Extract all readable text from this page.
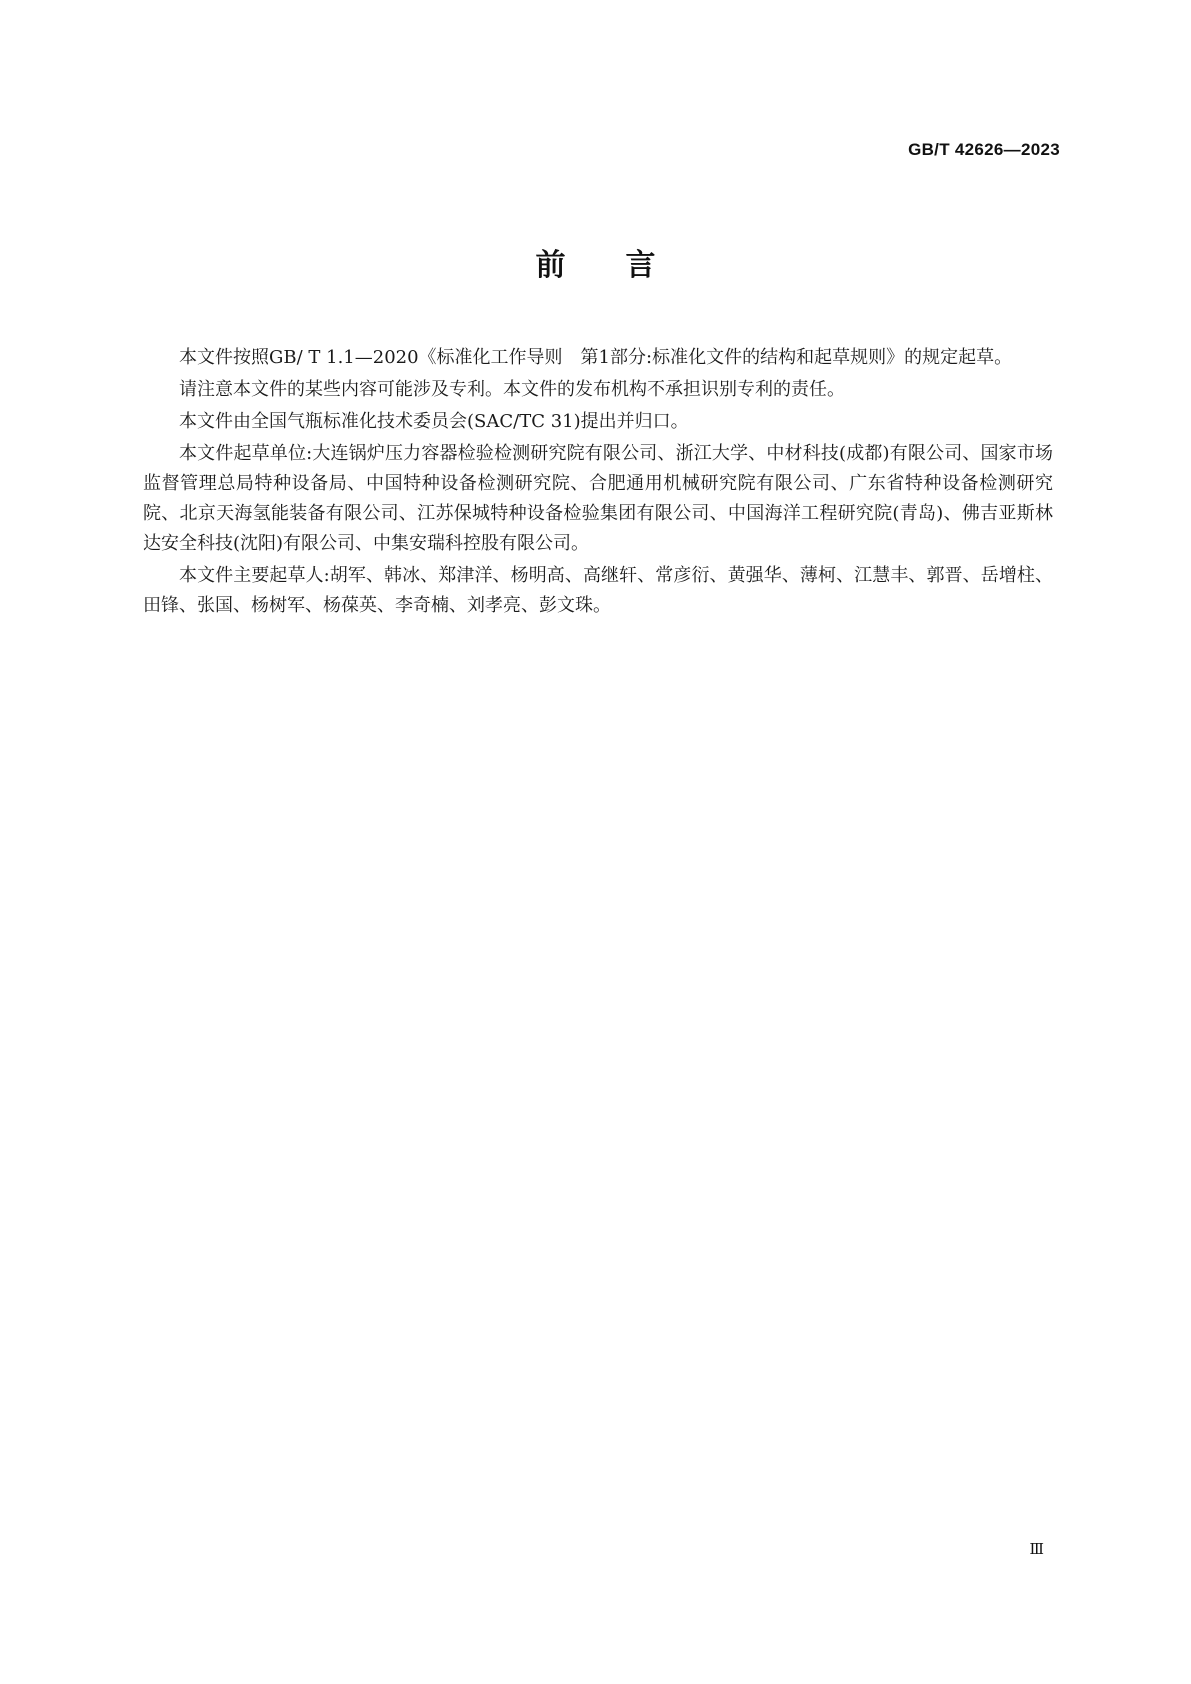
GB/T 42626—2023
前言

本文件按照GB/ T 1.1—2020《标准化工作导则　第1部分:标准化文件的结构和起草规则》的规定起草。

请注意本文件的某些内容可能涉及专利。本文件的发布机构不承担识别专利的责任。

本文件由全国气瓶标准化技术委员会(SAC/TC 31)提出并归口。

本文件起草单位:大连锅炉压力容器检验检测研究院有限公司、浙江大学、中材科技(成都)有限公司、国家市场监督管理总局特种设备局、中国特种设备检测研究院、合肥通用机械研究院有限公司、广东省特种设备检测研究院、北京天海氢能装备有限公司、江苏保城特种设备检验集团有限公司、中国海洋工程研究院(青岛)、佛吉亚斯林达安全科技(沈阳)有限公司、中集安瑞科控股有限公司。

本文件主要起草人:胡军、韩冰、郑津洋、杨明高、高继轩、常彦衍、黄强华、薄柯、江慧丰、郭晋、岳增柱、田锋、张国、杨树军、杨葆英、李奇楠、刘孝亮、彭文珠。

Ⅲ
